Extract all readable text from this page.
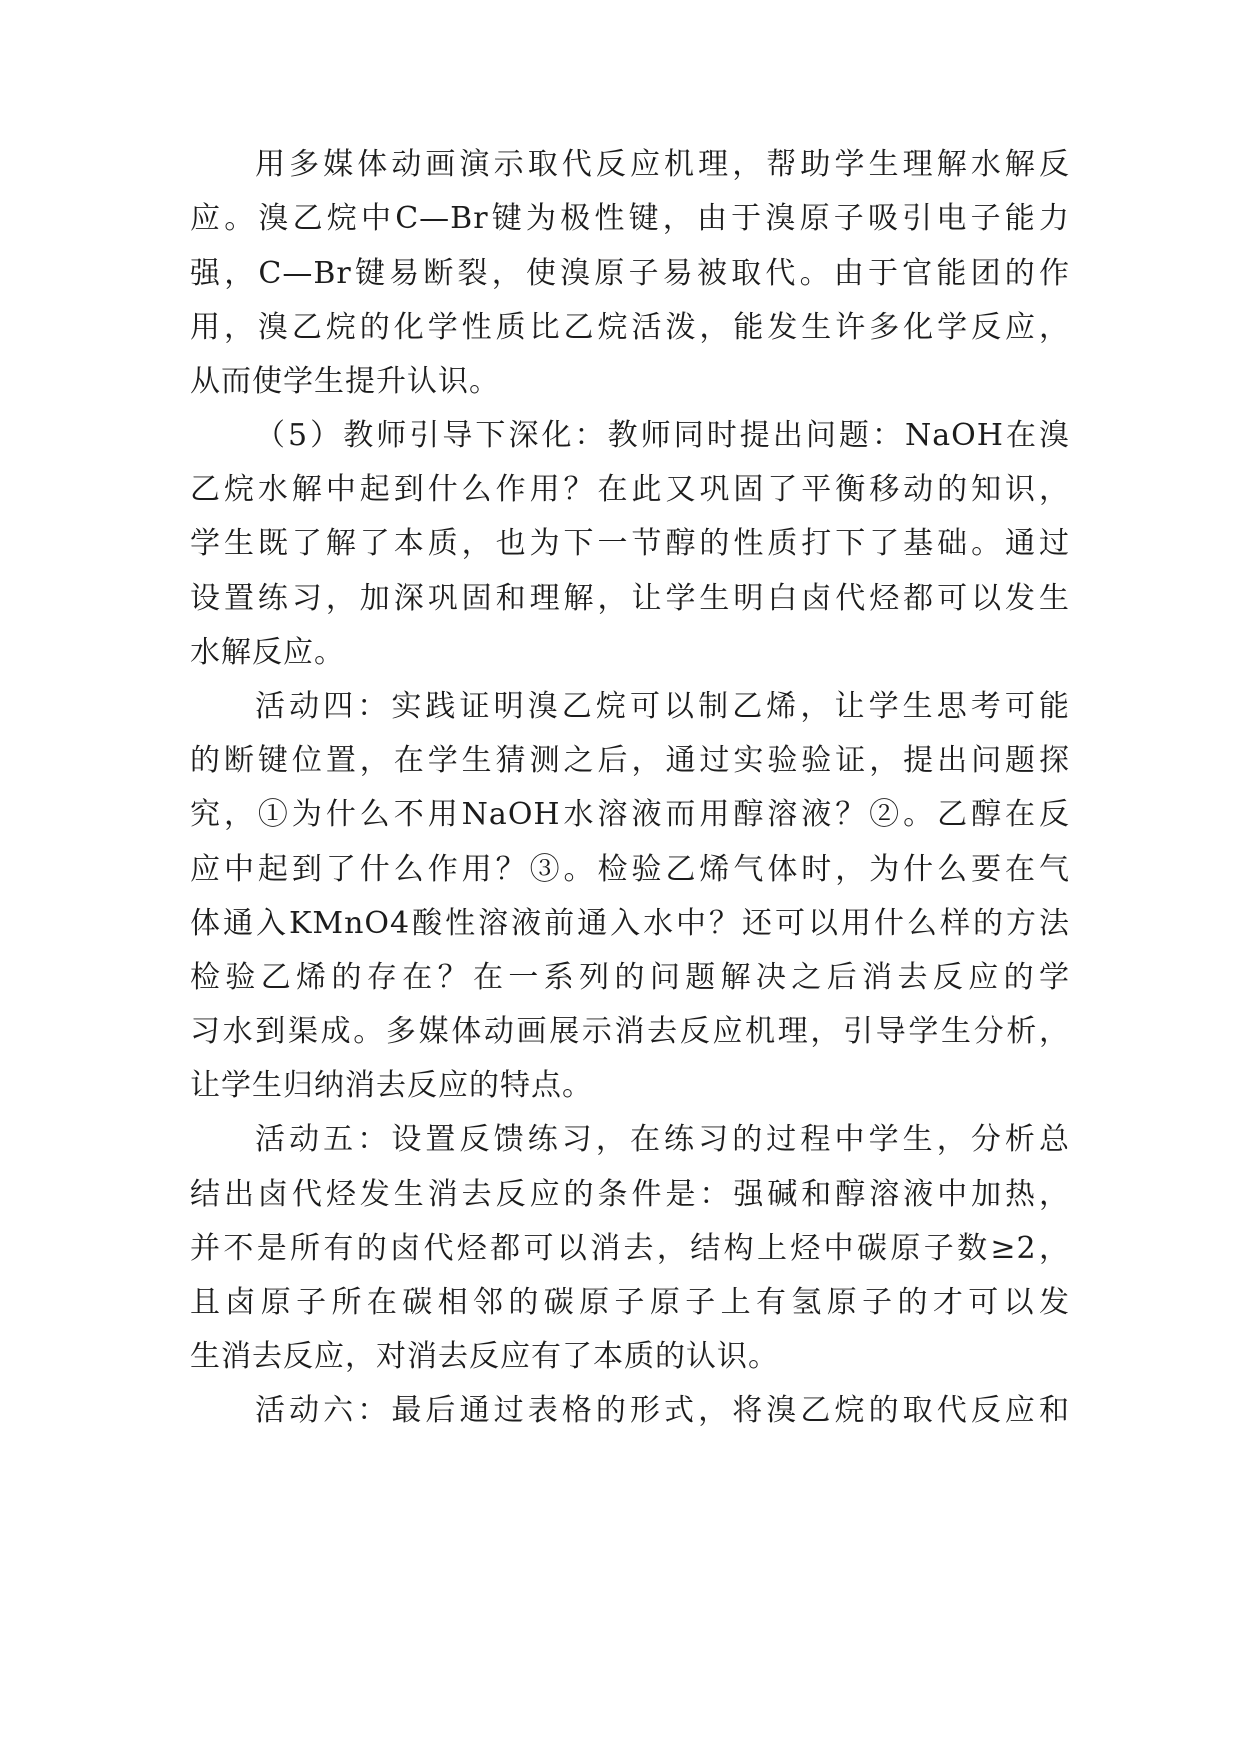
用多媒体动画演示取代反应机理，帮助学生理解水解反
应。溴乙烷中C—Br键为极性键，由于溴原子吸引电子能力
强，C—Br键易断裂，使溴原子易被取代。由于官能团的作
用，溴乙烷的化学性质比乙烷活泼，能发生许多化学反应，
从而使学生提升认识。
（5）教师引导下深化：教师同时提出问题：NaOH在溴
乙烷水解中起到什么作用？在此又巩固了平衡移动的知识，
学生既了解了本质，也为下一节醇的性质打下了基础。通过
设置练习，加深巩固和理解，让学生明白卤代烃都可以发生
水解反应。
活动四：实践证明溴乙烷可以制乙烯，让学生思考可能
的断键位置，在学生猜测之后，通过实验验证，提出问题探
究，①为什么不用NaOH水溶液而用醇溶液？②。乙醇在反
应中起到了什么作用？③。检验乙烯气体时，为什么要在气
体通入KMnO4酸性溶液前通入水中？还可以用什么样的方法
检验乙烯的存在？在一系列的问题解决之后消去反应的学
习水到渠成。多媒体动画展示消去反应机理，引导学生分析，
让学生归纳消去反应的特点。
活动五：设置反馈练习，在练习的过程中学生，分析总
结出卤代烃发生消去反应的条件是：强碱和醇溶液中加热，
并不是所有的卤代烃都可以消去，结构上烃中碳原子数≥2，
且卤原子所在碳相邻的碳原子原子上有氢原子的才可以发
生消去反应，对消去反应有了本质的认识。
活动六：最后通过表格的形式，将溴乙烷的取代反应和
